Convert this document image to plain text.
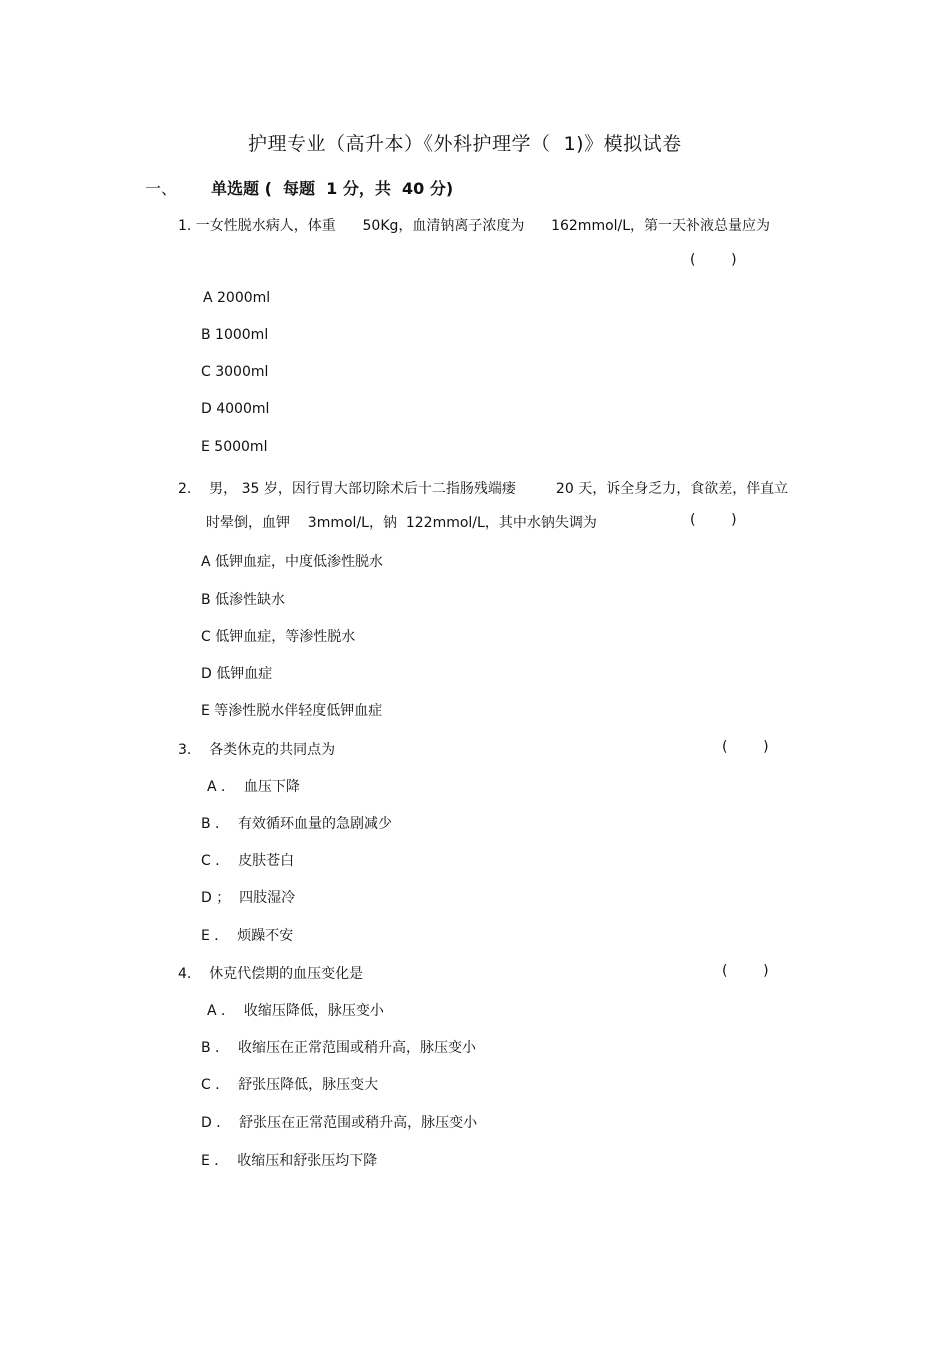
护理专业（高升本）《外科护理学（  1)》模拟试卷
一、 单选题 (  每题  1 分，共  40 分)
1. 一女性脱水病人，体重      50Kg，血清钠离子浓度为      162mmol/L，第一天补液总量应为
(        )
A 2000ml
B 1000ml
C 3000ml
D 4000ml
E 5000ml
2.    男， 35 岁，因行胃大部切除术后十二指肠残端瘘         20 天，诉全身乏力，食欲差，伴直立
时晕倒，血钾    3mmol/L，钠  122mmol/L，其中水钠失调为	(        )
A 低钾血症，中度低渗性脱水
B 低渗性缺水
C 低钾血症，等渗性脱水
D 低钾血症
E 等渗性脱水伴轻度低钾血症
3.    各类休克的共同点为	(        )
A ．  血压下降
B ．  有效循环血量的急剧减少
C ．  皮肤苍白
D ；  四肢湿冷
E ．  烦躁不安
4.    休克代偿期的血压变化是	(        )
A ．  收缩压降低，脉压变小
B ．  收缩压在正常范围或稍升高，脉压变小
C ．  舒张压降低，脉压变大
D ．  舒张压在正常范围或稍升高，脉压变小
E ．  收缩压和舒张压均下降
